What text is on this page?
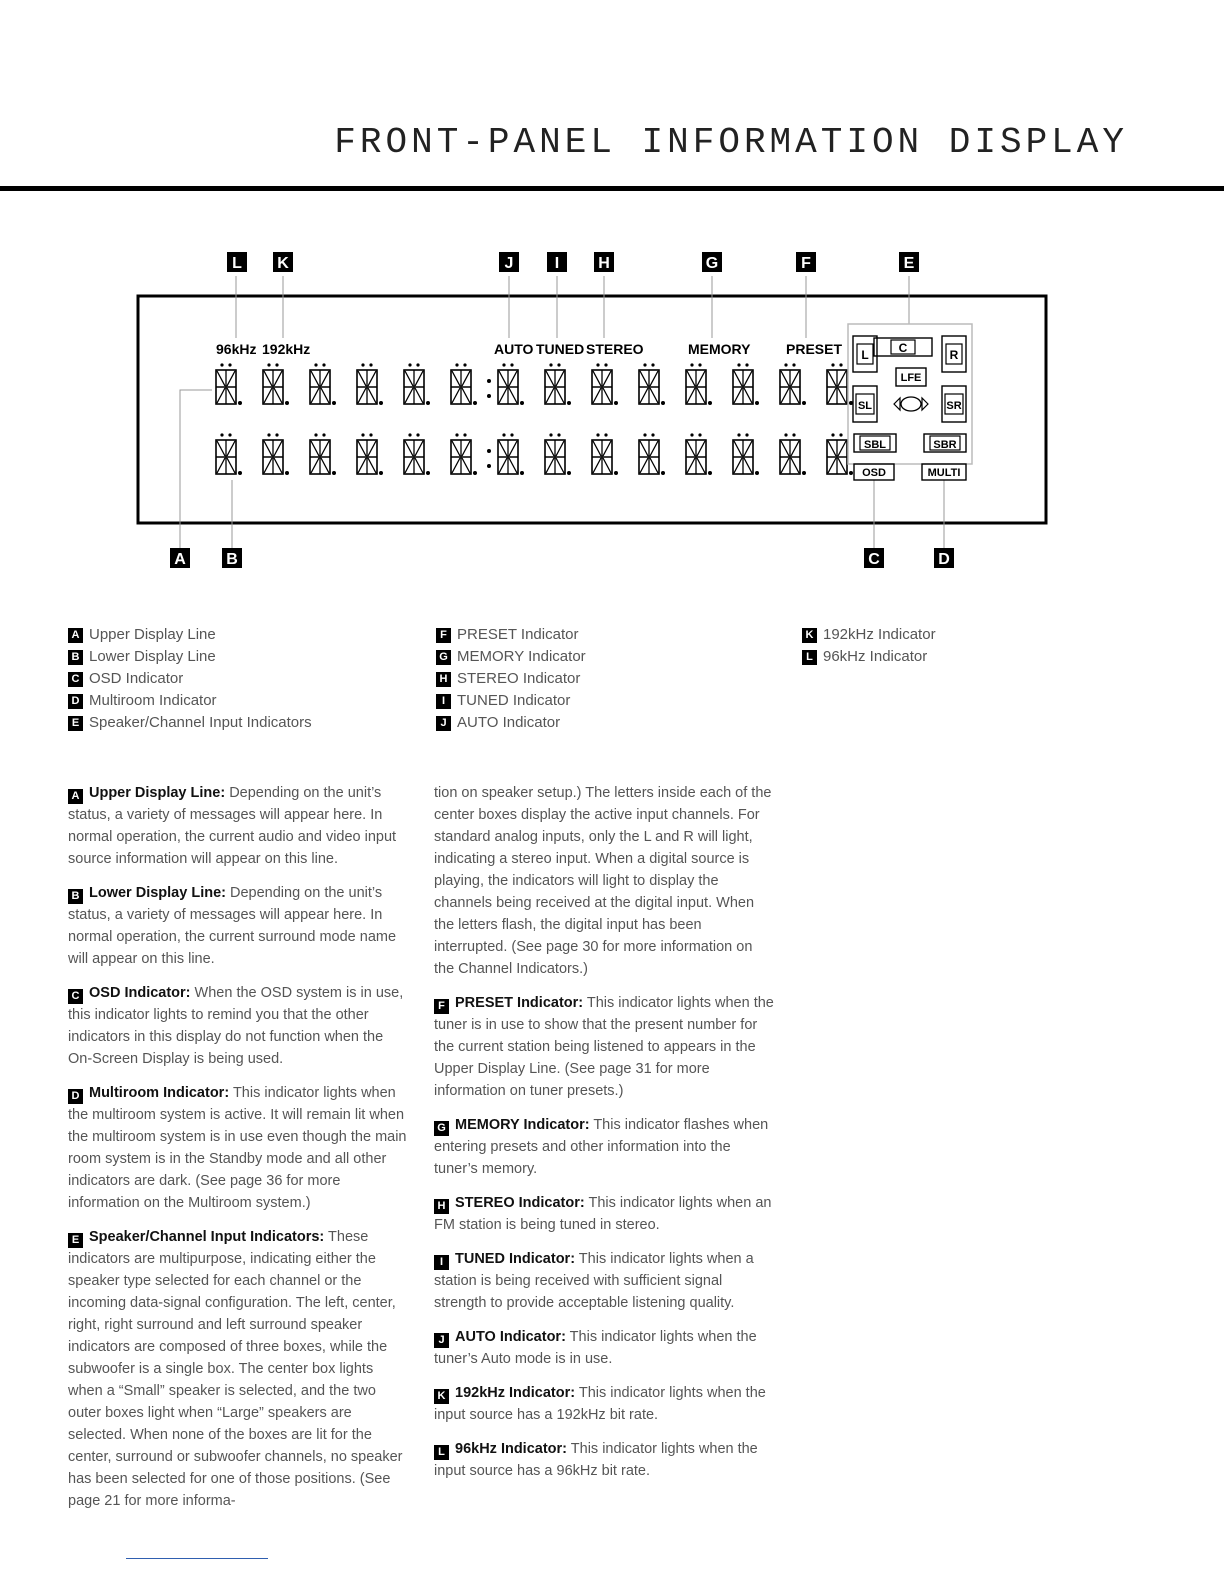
FRONT-PANEL INFORMATION DISPLAY
L K	J	I H	G	F	E
A	B	C	D
96kHz 192kHz	AUTO TUNED STEREO	MEMORY	PRESET L C	R
LFE
SL	SR
SBL	SBR
OSD	MULTI
A Upper Display Line
B Lower Display Line
C OSD Indicator
D Multiroom Indicator
E Speaker/Channel Input Indicators
F PRESET Indicator
G MEMORY Indicator
H STEREO Indicator
I TUNED Indicator
J AUTO Indicator
K 192kHz Indicator
L 96kHz Indicator

A Upper Display Line: Depending on the unit’s status, a variety of messages will appear here. In normal operation, the current audio and video input source information will appear on this line.

B Lower Display Line: Depending on the unit’s status, a variety of messages will appear here. In normal operation, the current surround mode name will appear on this line.

C OSD Indicator: When the OSD system is in use, this indicator lights to remind you that the other indicators in this display do not function when the On-Screen Display is being used.

D Multiroom Indicator: This indicator lights when the multiroom system is active. It will remain lit when the multiroom system is in use even though the main room system is in the Standby mode and all other indicators are dark. (See page 36 for more information on the Multiroom system.)

E Speaker/Channel Input Indicators: These indicators are multipurpose, indicating either the speaker type selected for each channel or the incoming data-signal configuration. The left, center, right, right surround and left surround speaker indicators are composed of three boxes, while the subwoofer is a single box. The center box lights when a “Small” speaker is selected, and the two outer boxes light when “Large” speakers are selected. When none of the boxes are lit for the center, surround or subwoofer channels, no speaker has been selected for one of those positions. (See page 21 for more informa-

tion on speaker setup.) The letters inside each of the center boxes display the active input channels. For standard analog inputs, only the L and R will light, indicating a stereo input. When a digital source is playing, the indicators will light to display the channels being received at the digital input. When the letters flash, the digital input has been interrupted. (See page 30 for more information on the Channel Indicators.)

F PRESET Indicator: This indicator lights when the tuner is in use to show that the present number for the current station being listened to appears in the Upper Display Line. (See page 31 for more information on tuner presets.)

G MEMORY Indicator: This indicator flashes when entering presets and other information into the tuner’s memory.

H STEREO Indicator: This indicator lights when an FM station is being tuned in stereo.

I TUNED Indicator: This indicator lights when a station is being received with sufficient signal strength to provide acceptable listening quality.

J AUTO Indicator: This indicator lights when the tuner’s Auto mode is in use.

K 192kHz Indicator: This indicator lights when the input source has a 192kHz bit rate.

L 96kHz Indicator: This indicator lights when the input source has a 96kHz bit rate.
